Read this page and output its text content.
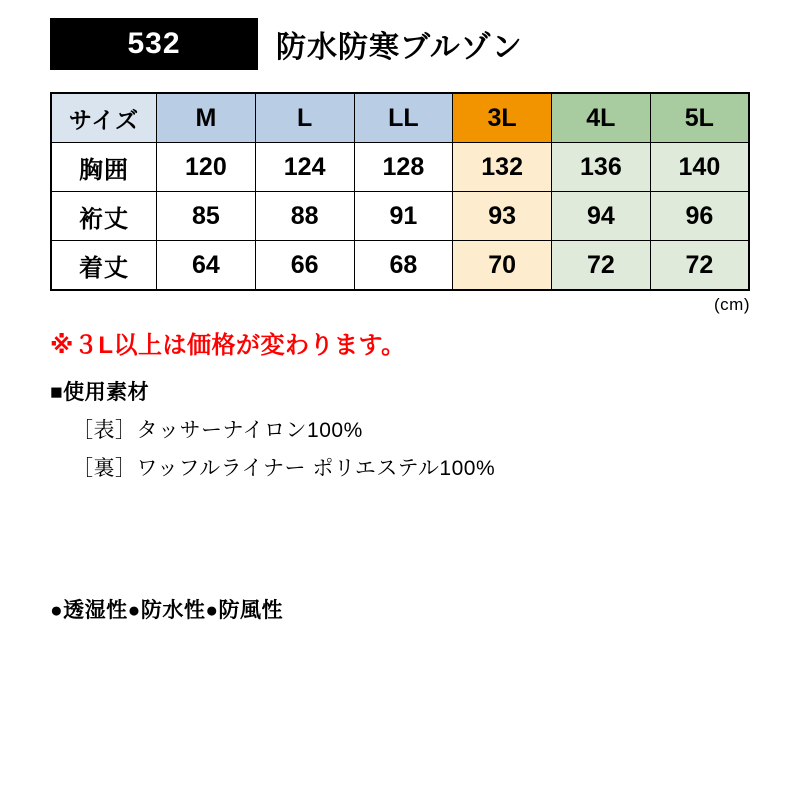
532	防水防寒ブルゾン
サイズ	M	L	LL	3L	4L	5L
胸囲	120	124	128	132	136	140
裄丈	85	88	91	93	94	96
着丈	64	66	68	70	72	72
(cm)
※３L以上は価格が変わります。
■使用素材
［表］タッサーナイロン100%
［裏］ワッフルライナー ポリエステル100%
●透湿性●防水性●防風性
